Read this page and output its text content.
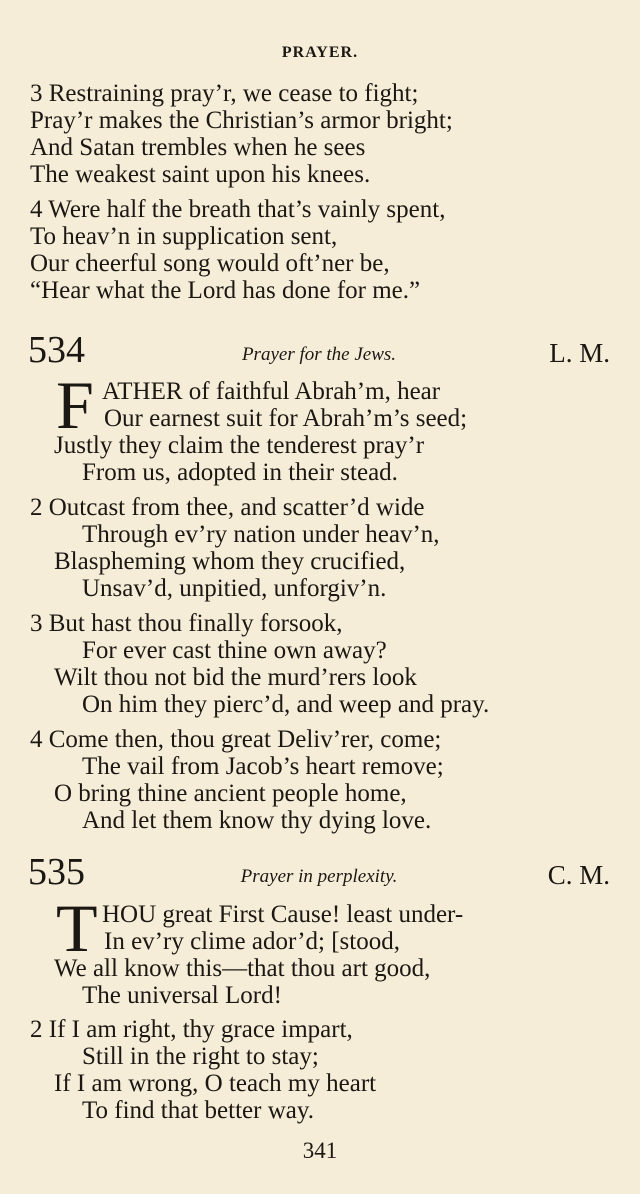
PRAYER.
3 Restraining pray’r, we cease to fight;
Pray’r makes the Christian’s armor bright;
And Satan trembles when he sees
The weakest saint upon his knees.
4 Were half the breath that’s vainly spent,
To heav’n in supplication sent,
Our cheerful song would oft’ner be,
“Hear what the Lord has done for me.”
534	Prayer for the Jews.	L. M.
F ATHER of faithful Abrah’m, hear
Our earnest suit for Abrah’m’s seed;
Justly they claim the tenderest pray’r
From us, adopted in their stead.
2 Outcast from thee, and scatter’d wide
Through ev’ry nation under heav’n,
Blaspheming whom they crucified,
Unsav’d, unpitied, unforgiv’n.
3 But hast thou finally forsook,
For ever cast thine own away?
Wilt thou not bid the murd’rers look
On him they pierc’d, and weep and pray.
4 Come then, thou great Deliv’rer, come;
The vail from Jacob’s heart remove;
O bring thine ancient people home,
And let them know thy dying love.
535	Prayer in perplexity.	C. M.
T HOU great First Cause! least under-
In ev’ry clime ador’d; [stood,
We all know this—that thou art good,
The universal Lord!
2 If I am right, thy grace impart,
Still in the right to stay;
If I am wrong, O teach my heart
To find that better way.
341
